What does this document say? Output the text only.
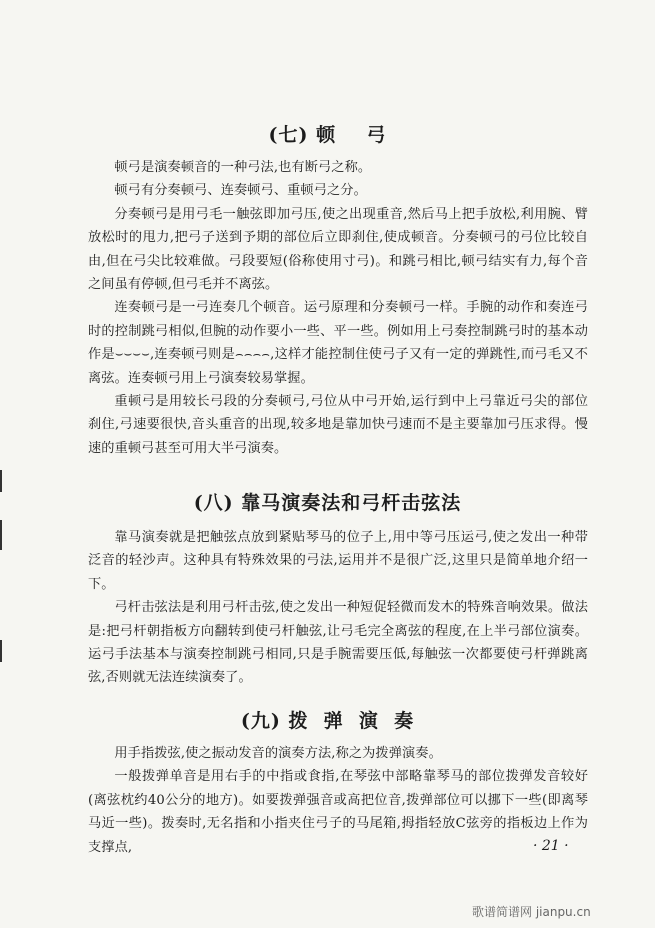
(七) 顿    弓

顿弓是演奏顿音的一种弓法,也有断弓之称。

顿弓有分奏顿弓、连奏顿弓、重顿弓之分。

分奏顿弓是用弓毛一触弦即加弓压,使之出现重音,然后马上把手放松,利用腕、臂放松时的甩力,把弓子送到予期的部位后立即刹住,使成顿音。分奏顿弓的弓位比较自由,但在弓尖比较难做。弓段要短(俗称使用寸弓)。和跳弓相比,顿弓结实有力,每个音之间虽有停顿,但弓毛并不离弦。

连奏顿弓是一弓连奏几个顿音。运弓原理和分奏顿弓一样。手腕的动作和奏连弓时的控制跳弓相似,但腕的动作要小一些、平一些。例如用上弓奏控制跳弓时的基本动作是⌣⌣⌣⌣,连奏顿弓则是⌢⌢⌢⌢,这样才能控制住使弓子又有一定的弹跳性,而弓毛又不离弦。连奏顿弓用上弓演奏较易掌握。

重顿弓是用较长弓段的分奏顿弓,弓位从中弓开始,运行到中上弓靠近弓尖的部位刹住,弓速要很快,音头重音的出现,较多地是靠加快弓速而不是主要靠加弓压求得。慢速的重顿弓甚至可用大半弓演奏。

(八) 靠马演奏法和弓杆击弦法

靠马演奏就是把触弦点放到紧贴琴马的位子上,用中等弓压运弓,使之发出一种带泛音的轻沙声。这种具有特殊效果的弓法,运用并不是很广泛,这里只是简单地介绍一下。

弓杆击弦法是利用弓杆击弦,使之发出一种短促轻微而发木的特殊音响效果。做法是:把弓杆朝指板方向翻转到使弓杆触弦,让弓毛完全离弦的程度,在上半弓部位演奏。运弓手法基本与演奏控制跳弓相同,只是手腕需要压低,每触弦一次都要使弓杆弹跳离弦,否则就无法连续演奏了。

(九) 拨  弹  演  奏

用手指拨弦,使之振动发音的演奏方法,称之为拨弹演奏。

一般拨弹单音是用右手的中指或食指,在琴弦中部略靠琴马的部位拨弹发音较好(离弦枕约40公分的地方)。如要拨弹强音或高把位音,拨弹部位可以挪下一些(即离琴马近一些)。拨奏时,无名指和小指夹住弓子的马尾箱,拇指轻放C弦旁的指板边上作为支撑点,	· 21 ·
歌谱简谱网 jianpu.cn
